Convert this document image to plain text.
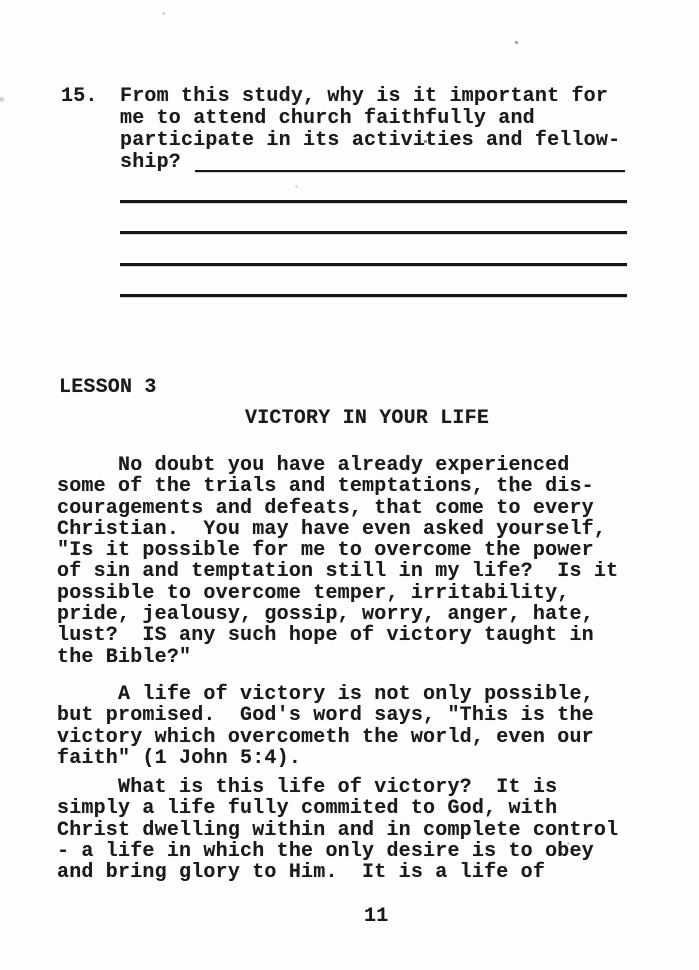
15. From this study, why is it important for
me to attend church faithfully and
participate in its activities and fellow-
ship?
LESSON 3
VICTORY IN YOUR LIFE
No doubt you have already experienced
some of the trials and temptations, the dis-
couragements and defeats, that come to every
Christian.  You may have even asked yourself,
"Is it possible for me to overcome the power
of sin and temptation still in my life?  Is it
possible to overcome temper, irritability,
pride, jealousy, gossip, worry, anger, hate,
lust?  IS any such hope of victory taught in
the Bible?"
A life of victory is not only possible,
but promised.  God's word says, "This is the
victory which overcometh the world, even our
faith" (1 John 5:4).
What is this life of victory?  It is
simply a life fully commited to God, with
Christ dwelling within and in complete control
- a life in which the only desire is to obey
and bring glory to Him.  It is a life of
11
